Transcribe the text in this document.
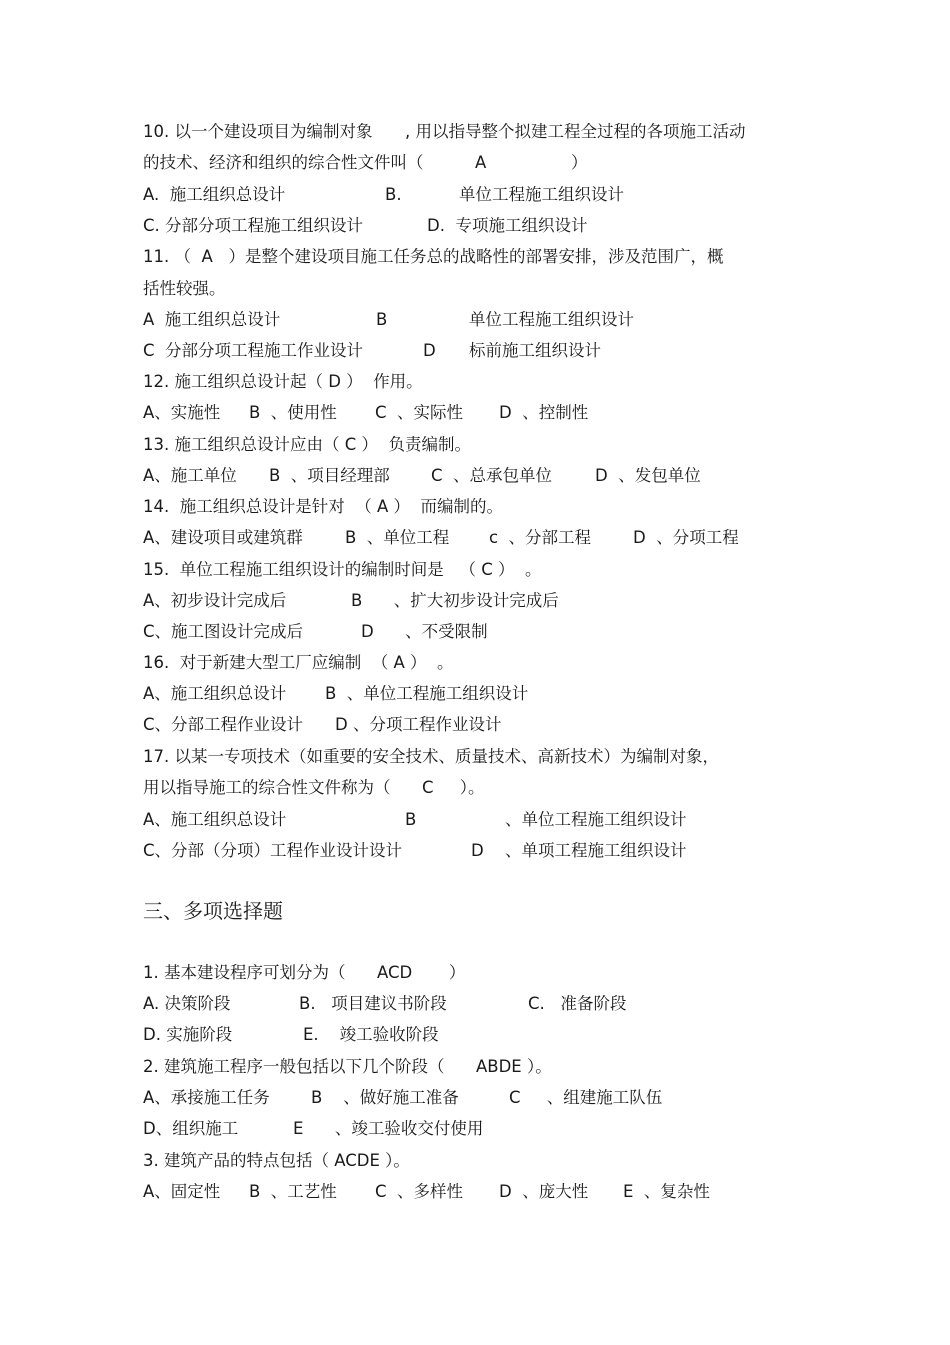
10. 以一个建设项目为编制对象

, 用以指导整个拟建工程全过程的各项施工活动

的技术、经济和组织的综合性文件叫（

	A

	）

A.  施工组织总设计

	B.

	单位工程施工组织设计

C. 分部分项工程施工组织设计

	D.  专项施工组织设计

11. （  A   ）是整个建设项目施工任务总的战略性的部署安排，涉及范围广，概

括性较强。

A  施工组织总设计

	B

	单位工程施工组织设计

C  分部分项工程施工作业设计

	D

标前施工组织设计

12. 施工组织总设计起（ D ）  作用。

A、实施性

B  、使用性

C  、实际性

D  、控制性

13. 施工组织总设计应由（ C ）  负责编制。

A、施工单位

B  、项目经理部

C  、总承包单位

	D  、发包单位

14.  施工组织总设计是针对  （ A ）  而编制的。

A、建设项目或建筑群

	B  、单位工程

c  、分部工程

	D  、分项工程

15.  单位工程施工组织设计的编制时间是   （ C ）  。

A、初步设计完成后

	B      、扩大初步设计完成后

C、施工图设计完成后

	D      、不受限制

16.  对于新建大型工厂应编制  （ A ）  。

A、施工组织总设计

B  、单位工程施工组织设计

C、分部工程作业设计

D 、分项工程作业设计

17. 以某一专项技术（如重要的安全技术、质量技术、高新技术）为编制对象，

用以指导施工的综合性文件称为（      C     ）。

A、施工组织总设计

	B

	、单位工程施工组织设计

C、分部（分项）工程作业设计设计

	D

、单项工程施工组织设计

三、多项选择题

1. 基本建设程序可划分为（      ACD       ）

A. 决策阶段

	B.   项目建议书阶段

	C.   准备阶段

D. 实施阶段

	E.    竣工验收阶段

2. 建筑施工程序一般包括以下几个阶段（      ABDE ）。

A、承接施工任务

B    、做好施工准备

	C     、组建施工队伍

D、组织施工

	E      、竣工验收交付使用

3. 建筑产品的特点包括（ ACDE ）。

A、固定性

B  、工艺性

C  、多样性

D  、庞大性

E  、复杂性
